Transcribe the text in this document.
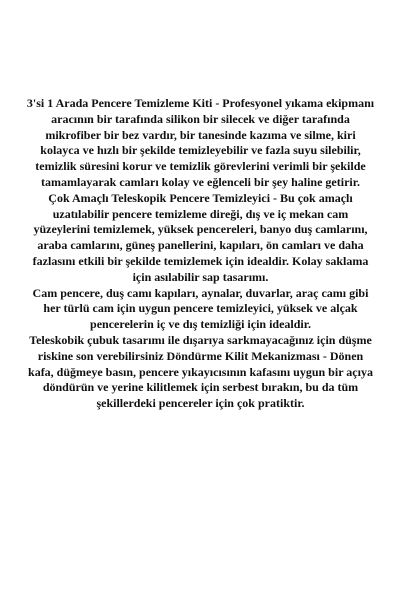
3'si 1 Arada Pencere Temizleme Kiti - Profesyonel yıkama ekipmanı aracının bir tarafında silikon bir silecek ve diğer tarafında mikrofiber bir bez vardır, bir tanesinde kazıma ve silme, kiri kolayca ve hızlı bir şekilde temizleyebilir ve fazla suyu silebilir, temizlik süresini korur ve temizlik görevlerini verimli bir şekilde tamamlayarak camları kolay ve eğlenceli bir şey haline getirir.

Çok Amaçlı Teleskopik Pencere Temizleyici - Bu çok amaçlı uzatılabilir pencere temizleme direği, dış ve iç mekan cam yüzeylerini temizlemek, yüksek pencereleri, banyo duş camlarını, araba camlarını, güneş panellerini, kapıları, ön camları ve daha fazlasını etkili bir şekilde temizlemek için idealdir. Kolay saklama için asılabilir sap tasarımı.

Cam pencere, duş camı kapıları, aynalar, duvarlar, araç camı gibi her türlü cam için uygun pencere temizleyici, yüksek ve alçak pencerelerin iç ve dış temizliği için idealdir.

Teleskobik çubuk tasarımı ile dışarıya sarkmayacağınız için düşme riskine son verebilirsiniz Döndürme Kilit Mekanizması - Dönen kafa, düğmeye basın, pencere yıkayıcısının kafasını uygun bir açıya döndürün ve yerine kilitlemek için serbest bırakın, bu da tüm şekillerdeki pencereler için çok pratiktir.
